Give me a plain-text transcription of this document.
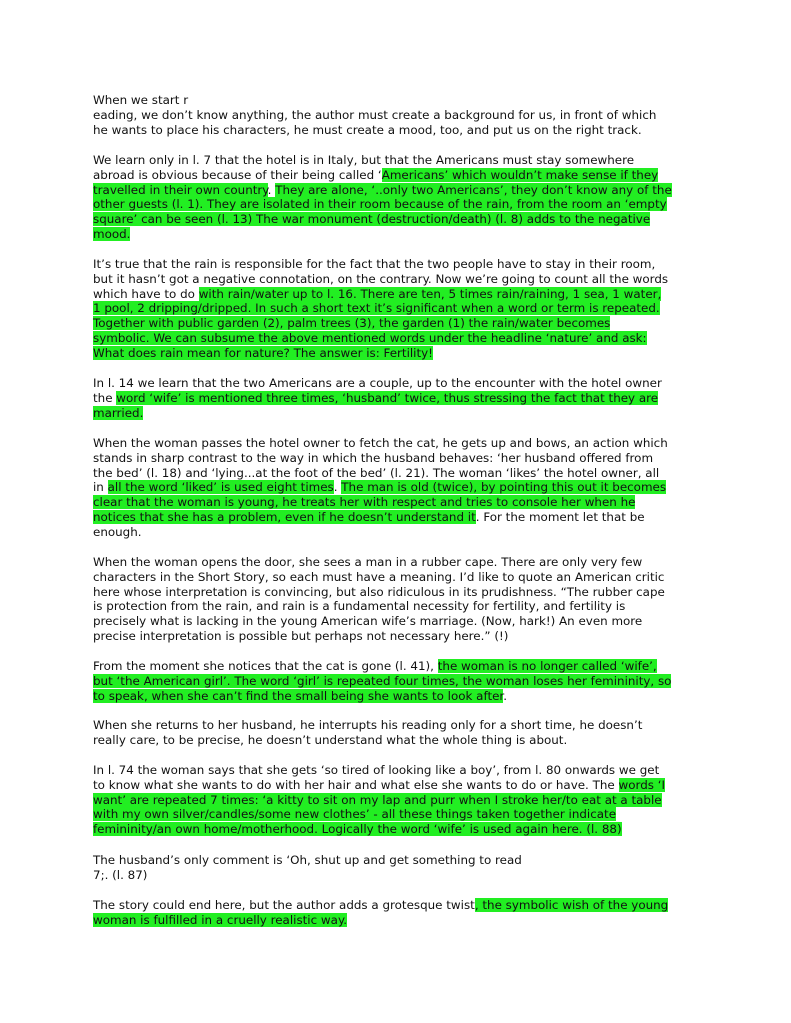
When we start r
eading, we don’t know anything, the author must create a background for us, in front of which
he wants to place his characters, he must create a mood, too, and put us on the right track.
We learn only in l. 7 that the hotel is in Italy, but that the Americans must stay somewhere
abroad is obvious because of their being called ‘Americans’ which wouldn’t make sense if they
travelled in their own country. They are alone, ‘..only two Americans’, they don’t know any of the
other guests (l. 1). They are isolated in their room because of the rain, from the room an ‘empty
square’ can be seen (l. 13) The war monument (destruction/death) (l. 8) adds to the negative
mood.
It’s true that the rain is responsible for the fact that the two people have to stay in their room,
but it hasn’t got a negative connotation, on the contrary. Now we’re going to count all the words
which have to do with rain/water up to l. 16. There are ten, 5 times rain/raining, 1 sea, 1 water,
1 pool, 2 dripping/dripped. In such a short text it’s significant when a word or term is repeated.
Together with public garden (2), palm trees (3), the garden (1) the rain/water becomes
symbolic. We can subsume the above mentioned words under the headline ‘nature’ and ask:
What does rain mean for nature? The answer is: Fertility!
In l. 14 we learn that the two Americans are a couple, up to the encounter with the hotel owner
the word ‘wife’ is mentioned three times, ‘husband’ twice, thus stressing the fact that they are
married.
When the woman passes the hotel owner to fetch the cat, he gets up and bows, an action which
stands in sharp contrast to the way in which the husband behaves: ‘her husband offered from
the bed’ (l. 18) and ‘lying...at the foot of the bed’ (l. 21). The woman ‘likes’ the hotel owner, all
in all the word ‘liked’ is used eight times. The man is old (twice), by pointing this out it becomes
clear that the woman is young, he treats her with respect and tries to console her when he
notices that she has a problem, even if he doesn’t understand it. For the moment let that be
enough.
When the woman opens the door, she sees a man in a rubber cape. There are only very few
characters in the Short Story, so each must have a meaning. I’d like to quote an American critic
here whose interpretation is convincing, but also ridiculous in its prudishness. “The rubber cape
is protection from the rain, and rain is a fundamental necessity for fertility, and fertility is
precisely what is lacking in the young American wife’s marriage. (Now, hark!) An even more
precise interpretation is possible but perhaps not necessary here.” (!)
From the moment she notices that the cat is gone (l. 41), the woman is no longer called ‘wife’,
but ‘the American girl’. The word ‘girl’ is repeated four times, the woman loses her femininity, so
to speak, when she can’t find the small being she wants to look after.
When she returns to her husband, he interrupts his reading only for a short time, he doesn’t
really care, to be precise, he doesn’t understand what the whole thing is about.
In l. 74 the woman says that she gets ‘so tired of looking like a boy’, from l. 80 onwards we get
to know what she wants to do with her hair and what else she wants to do or have. The words ‘I
want’ are repeated 7 times: ‘a kitty to sit on my lap and purr when I stroke her/to eat at a table
with my own silver/candles/some new clothes’ - all these things taken together indicate
femininity/an own home/motherhood. Logically the word ‘wife’ is used again here. (l. 88)
The husband’s only comment is ‘Oh, shut up and get something to read
7;. (l. 87)
The story could end here, but the author adds a grotesque twist, the symbolic wish of the young
woman is fulfilled in a cruelly realistic way.
